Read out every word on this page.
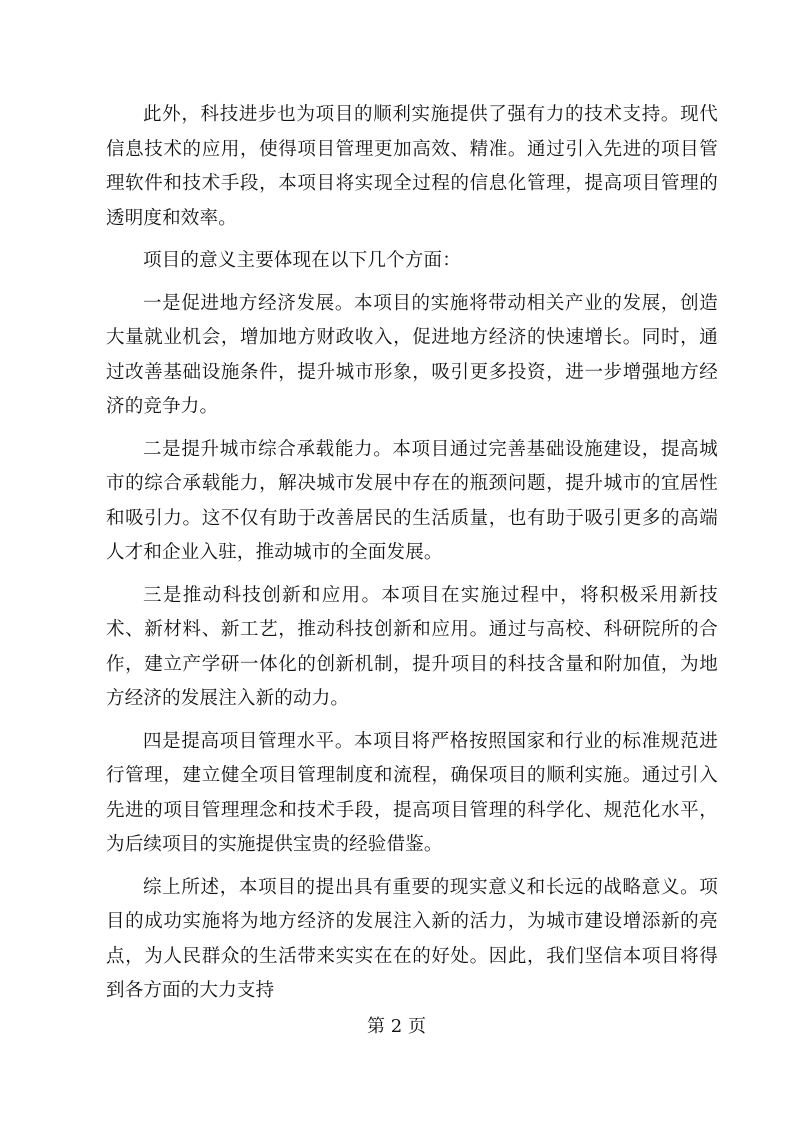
此外，科技进步也为项目的顺利实施提供了强有力的技术支持。现代信息技术的应用，使得项目管理更加高效、精准。通过引入先进的项目管理软件和技术手段，本项目将实现全过程的信息化管理，提高项目管理的透明度和效率。

项目的意义主要体现在以下几个方面：

一是促进地方经济发展。本项目的实施将带动相关产业的发展，创造大量就业机会，增加地方财政收入，促进地方经济的快速增长。同时，通过改善基础设施条件，提升城市形象，吸引更多投资，进一步增强地方经济的竞争力。

二是提升城市综合承载能力。本项目通过完善基础设施建设，提高城市的综合承载能力，解决城市发展中存在的瓶颈问题，提升城市的宜居性和吸引力。这不仅有助于改善居民的生活质量，也有助于吸引更多的高端人才和企业入驻，推动城市的全面发展。

三是推动科技创新和应用。本项目在实施过程中，将积极采用新技术、新材料、新工艺，推动科技创新和应用。通过与高校、科研院所的合作，建立产学研一体化的创新机制，提升项目的科技含量和附加值，为地方经济的发展注入新的动力。

四是提高项目管理水平。本项目将严格按照国家和行业的标准规范进行管理，建立健全项目管理制度和流程，确保项目的顺利实施。通过引入先进的项目管理理念和技术手段，提高项目管理的科学化、规范化水平，为后续项目的实施提供宝贵的经验借鉴。

综上所述，本项目的提出具有重要的现实意义和长远的战略意义。项目的成功实施将为地方经济的发展注入新的活力，为城市建设增添新的亮点，为人民群众的生活带来实实在在的好处。因此，我们坚信本项目将得到各方面的大力支持

第 2 页
